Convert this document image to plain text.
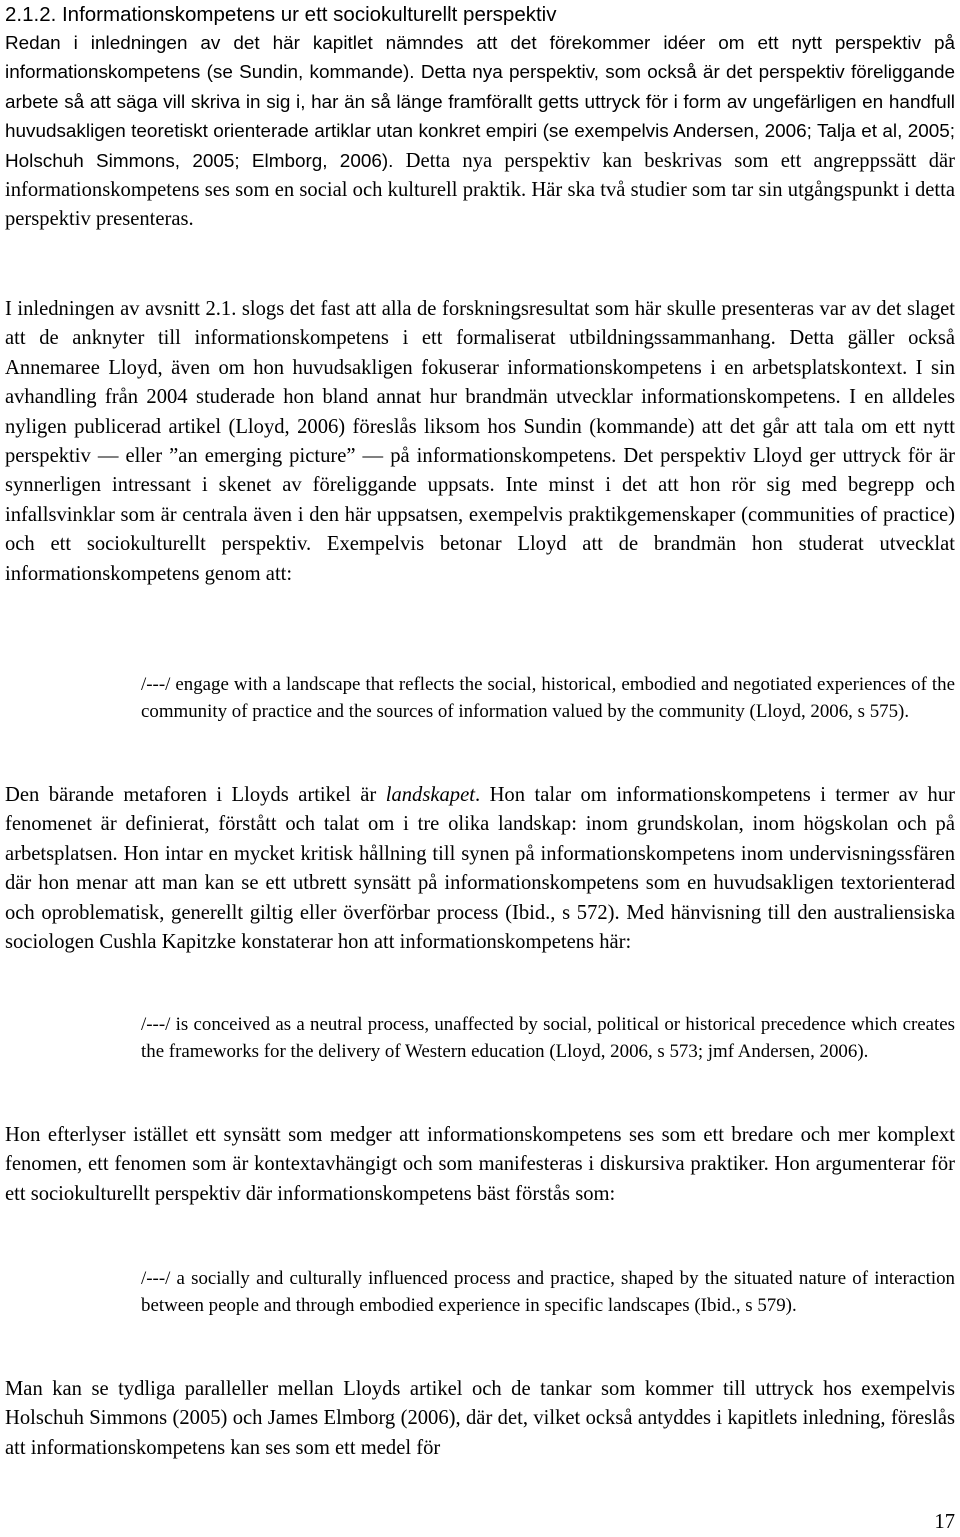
2.1.2. Informationskompetens ur ett sociokulturellt perspektiv

Redan i inledningen av det här kapitlet nämndes att det förekommer idéer om ett nytt perspektiv på informationskompetens (se Sundin, kommande). Detta nya perspektiv, som också är det perspektiv föreliggande arbete så att säga vill skriva in sig i, har än så länge framförallt getts uttryck för i form av ungefärligen en handfull huvudsakligen teoretiskt orienterade artiklar utan konkret empiri (se exempelvis Andersen, 2006; Talja et al, 2005; Holschuh Simmons, 2005; Elmborg, 2006). Detta nya perspektiv kan beskrivas som ett angreppssätt där informationskompetens ses som en social och kulturell praktik. Här ska två studier som tar sin utgångspunkt i detta perspektiv presenteras.

I inledningen av avsnitt 2.1. slogs det fast att alla de forskningsresultat som här skulle presenteras var av det slaget att de anknyter till informationskompetens i ett formaliserat utbildningssammanhang. Detta gäller också Annemaree Lloyd, även om hon huvudsakligen fokuserar informationskompetens i en arbetsplatskontext. I sin avhandling från 2004 studerade hon bland annat hur brandmän utvecklar informationskompetens. I en alldeles nyligen publicerad artikel (Lloyd, 2006) föreslås liksom hos Sundin (kommande) att det går att tala om ett nytt perspektiv — eller ”an emerging picture” — på informationskompetens. Det perspektiv Lloyd ger uttryck för är synnerligen intressant i skenet av föreliggande uppsats. Inte minst i det att hon rör sig med begrepp och infallsvinklar som är centrala även i den här uppsatsen, exempelvis praktikgemenskaper (communities of practice) och ett sociokulturellt perspektiv. Exempelvis betonar Lloyd att de brandmän hon studerat utvecklat informationskompetens genom att:

/---/ engage with a landscape that reflects the social, historical, embodied and negotiated experiences of the community of practice and the sources of information valued by the community (Lloyd, 2006, s 575).

Den bärande metaforen i Lloyds artikel är landskapet. Hon talar om informationskompetens i termer av hur fenomenet är definierat, förstått och talat om i tre olika landskap: inom grundskolan, inom högskolan och på arbetsplatsen. Hon intar en mycket kritisk hållning till synen på informationskompetens inom undervisningssfären där hon menar att man kan se ett utbrett synsätt på informationskompetens som en huvudsakligen textorienterad och oproblematisk, generellt giltig eller överförbar process (Ibid., s 572). Med hänvisning till den australiensiska sociologen Cushla Kapitzke konstaterar hon att informationskompetens här:

/---/ is conceived as a neutral process, unaffected by social, political or historical precedence which creates the frameworks for the delivery of Western education (Lloyd, 2006, s 573; jmf Andersen, 2006).

Hon efterlyser istället ett synsätt som medger att informationskompetens ses som ett bredare och mer komplext fenomen, ett fenomen som är kontextavhängigt och som manifesteras i diskursiva praktiker. Hon argumenterar för ett sociokulturellt perspektiv där informationskompetens bäst förstås som:

/---/ a socially and culturally influenced process and practice, shaped by the situated nature of interaction between people and through embodied experience in specific landscapes (Ibid., s 579).

Man kan se tydliga paralleller mellan Lloyds artikel och de tankar som kommer till uttryck hos exempelvis Holschuh Simmons (2005) och James Elmborg (2006), där det, vilket också antyddes i kapitlets inledning, föreslås att informationskompetens kan ses som ett medel för

17
